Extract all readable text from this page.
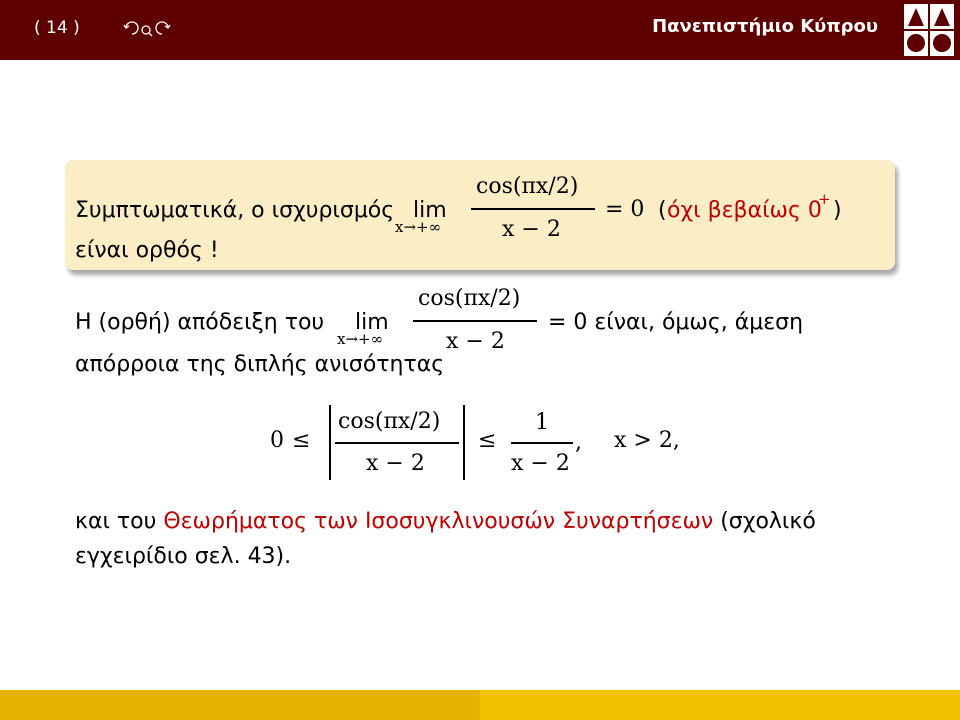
( 14 )	Πανεπιστήμιο Κύπρου
Συμπτωματικά, ο ισχυρισμός lim
x→+∞
cos(πx/2)
x − 2
= 0 ( όχι βεβαίως 0
+ )
είναι ορθός !
Η (ορθή) απόδειξη του lim
x→+∞
cos(πx/2)
x − 2
= 0 είναι, όμως, άμεση
απόρροια της διπλής ανισότητας
0 ≤
cos(πx/2)
x − 2
≤
1
x − 2
, x > 2,
και του Θεωρήματος των Ισοσυγκλινουσών Συναρτήσεων (σχολικό
εγχειρίδιο σελ. 43).
